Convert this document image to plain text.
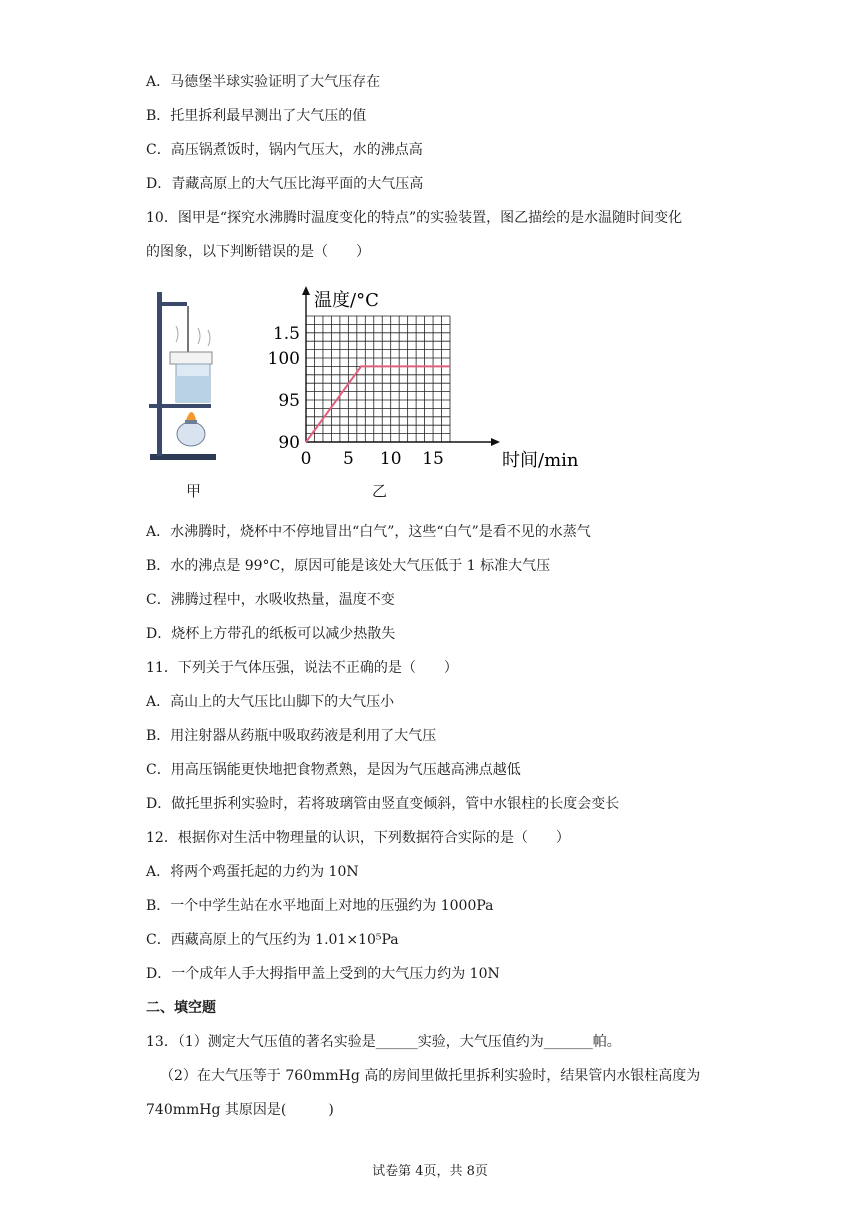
A．马德堡半球实验证明了大气压存在
B．托里拆利最早测出了大气压的值
C．高压锅煮饭时，锅内气压大，水的沸点高
D．青藏高原上的大气压比海平面的大气压高
10．图甲是“探究水沸腾时温度变化的特点”的实验装置，图乙描绘的是水温随时间变化
的图象，以下判断错误的是（　　）
0 5 10 15
90
95
100
1.5
温度/°C
时间/min
甲	乙
A．水沸腾时，烧杯中不停地冒出“白气”，这些“白气”是看不见的水蒸气
B．水的沸点是 99°C，原因可能是该处大气压低于 1 标准大气压
C．沸腾过程中，水吸收热量，温度不变
D．烧杯上方带孔的纸板可以减少热散失
11．下列关于气体压强，说法不正确的是（　　）
A．高山上的大气压比山脚下的大气压小
B．用注射器从药瓶中吸取药液是利用了大气压
C．用高压锅能更快地把食物煮熟，是因为气压越高沸点越低
D．做托里拆利实验时，若将玻璃管由竖直变倾斜，管中水银柱的长度会变长
12．根据你对生活中物理量的认识，下列数据符合实际的是（　　）
A．将两个鸡蛋托起的力约为 10N
B．一个中学生站在水平地面上对地的压强约为 1000Pa
C．西藏高原上的气压约为 1.01×10⁵Pa
D．一个成年人手大拇指甲盖上受到的大气压力约为 10N
二、填空题
13．（1）测定大气压值的著名实验是______实验，大气压值约为_______帕。
（2）在大气压等于 760mmHg 高的房间里做托里拆利实验时，结果管内水银柱高度为
740mmHg 其原因是(　　　)
试卷第 4页，共 8页
